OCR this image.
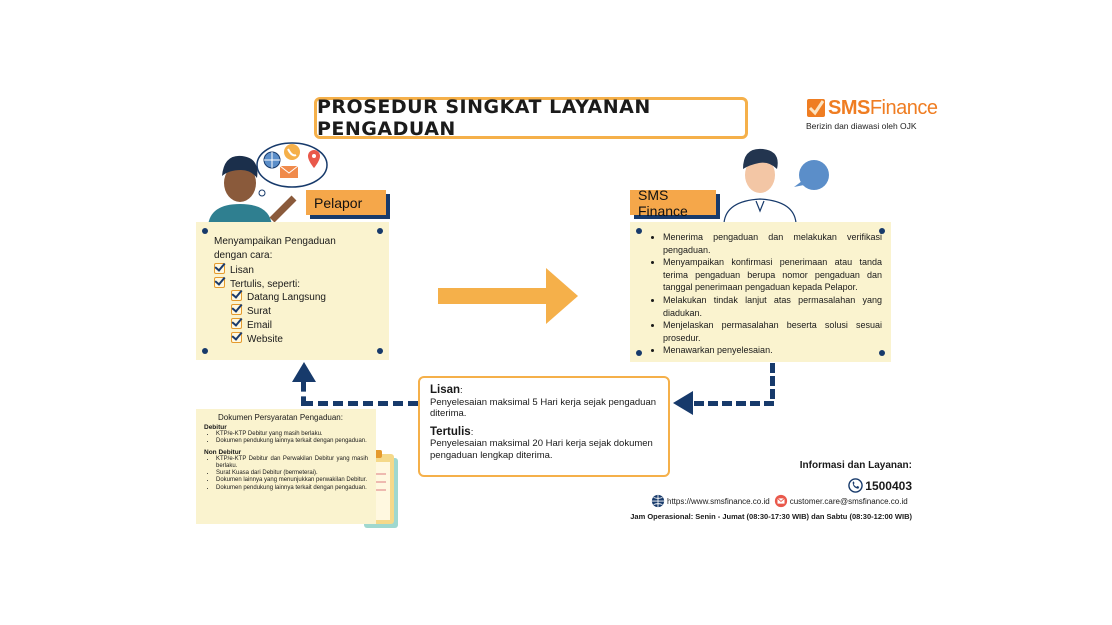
PROSEDUR SINGKAT LAYANAN PENGADUAN
SMSFinance
Berizin dan diawasi oleh OJK
Pelapor
Menyampaikan Pengaduan dengan cara:
Lisan
Tertulis, seperti:
Datang Langsung
Surat
Email
Website
SMS Finance
• Menerima pengaduan dan melakukan verifikasi pengaduan.
• Menyampaikan konfirmasi penerimaan atau tanda terima pengaduan berupa nomor pengaduan dan tanggal penerimaan pengaduan kepada Pelapor.
• Melakukan tindak lanjut atas permasalahan yang diadukan.
• Menjelaskan permasalahan beserta solusi sesuai prosedur.
• Menawarkan penyelesaian.
Lisan:
Penyelesaian maksimal 5 Hari kerja sejak pengaduan diterima.
Tertulis:
Penyelesaian maksimal 20 Hari kerja sejak dokumen pengaduan lengkap diterima.
Dokumen Persyaratan Pengaduan:
Debitur
• KTP/e-KTP Debitur yang masih berlaku.
• Dokumen pendukung lainnya terkait dengan pengaduan.
Non Debitur
• KTP/e-KTP Debitur dan Perwakilan Debitur yang masih berlaku.
• Surat Kuasa dari Debitur (bermeterai).
• Dokumen lainnya yang menunjukkan perwakilan Debitur.
• Dokumen pendukung lainnya terkait dengan pengaduan.
Informasi dan Layanan:
1500403
https://www.smsfinance.co.id	customer.care@smsfinance.co.id
Jam Operasional: Senin - Jumat (08:30-17:30 WIB) dan Sabtu (08:30-12:00 WIB)
